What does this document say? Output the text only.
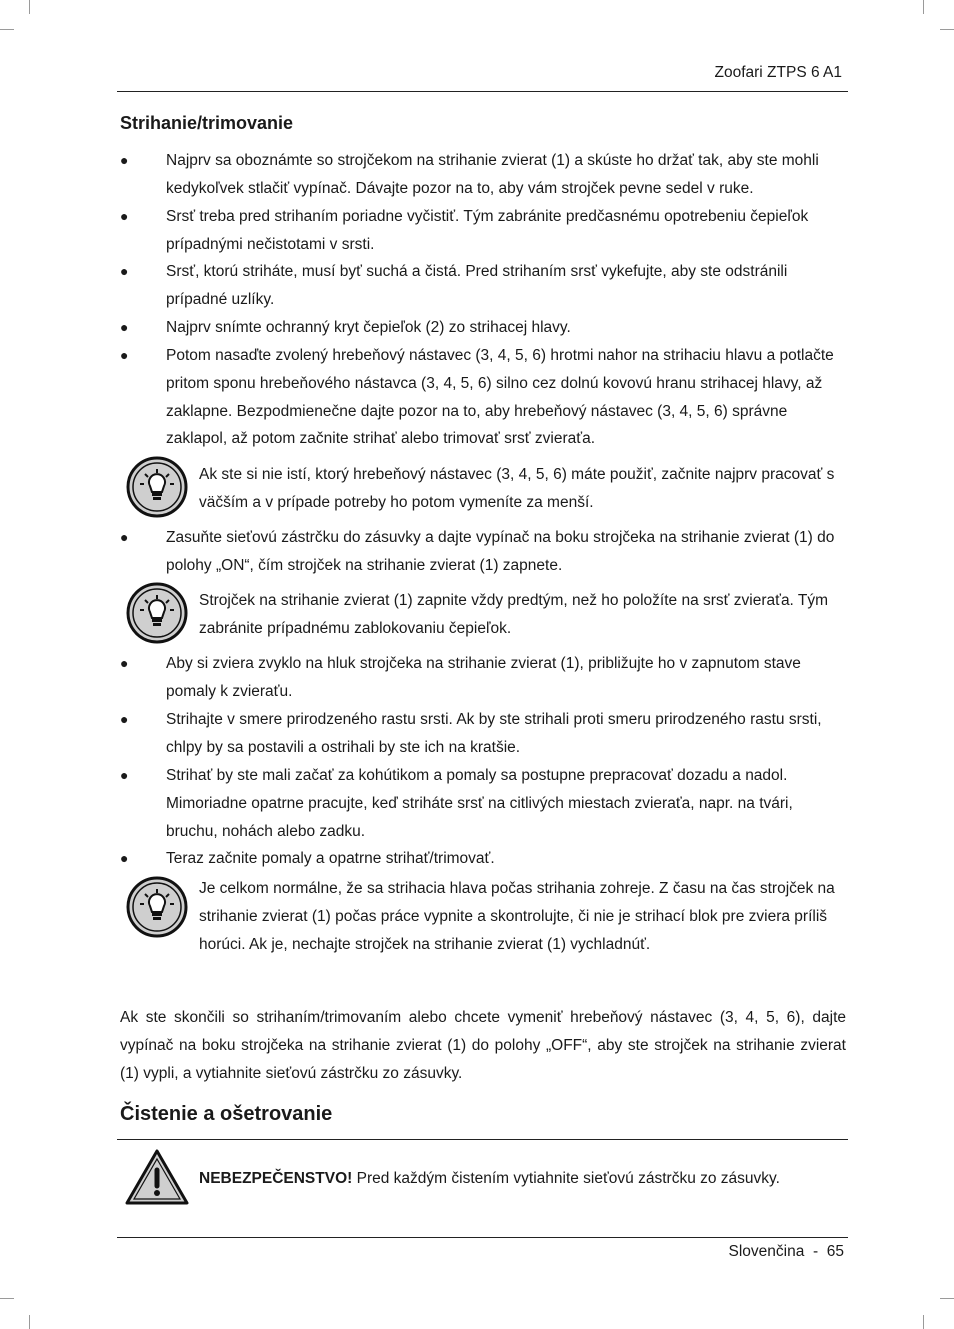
Zoofari ZTPS 6 A1
Strihanie/trimovanie
● Najprv sa oboznámte so strojčekom na strihanie zvierat (1) a skúste ho držať tak, aby ste mohli kedykoľvek stlačiť vypínač. Dávajte pozor na to, aby vám strojček pevne sedel v ruke.
● Srsť treba pred strihaním poriadne vyčistiť. Tým zabránite predčasnému opotrebeniu čepieľok prípadnými nečistotami v srsti.
● Srsť, ktorú striháte, musí byť suchá a čistá. Pred strihaním srsť vykefujte, aby ste odstránili prípadné uzlíky.
● Najprv snímte ochranný kryt čepieľok (2) zo strihacej hlavy.
● Potom nasaďte zvolený hrebeňový nástavec (3, 4, 5, 6) hrotmi nahor na strihaciu hlavu a potlačte pritom sponu hrebeňového nástavca (3, 4, 5, 6) silno cez dolnú kovovú hranu strihacej hlavy, až zaklapne. Bezpodmienečne dajte pozor na to, aby hrebeňový nástavec (3, 4, 5, 6) správne zaklapol, až potom začnite strihať alebo trimovať srsť zvieraťa.
Ak ste si nie istí, ktorý hrebeňový nástavec (3, 4, 5, 6) máte použiť, začnite najprv pracovať s väčším a v prípade potreby ho potom vymeníte za menší.
● Zasuňte sieťovú zástrčku do zásuvky a dajte vypínač na boku strojčeka na strihanie zvierat (1) do polohy „ON“, čím strojček na strihanie zvierat (1) zapnete.
Strojček na strihanie zvierat (1) zapnite vždy predtým, než ho položíte na srsť zvieraťa. Tým zabránite prípadnému zablokovaniu čepieľok.
● Aby si zviera zvyklo na hluk strojčeka na strihanie zvierat (1), približujte ho v zapnutom stave pomaly k zvieraťu.
● Strihajte v smere prirodzeného rastu srsti. Ak by ste strihali proti smeru prirodzeného rastu srsti, chlpy by sa postavili a ostrihali by ste ich na kratšie.
● Strihať by ste mali začať za kohútikom a pomaly sa postupne prepracovať dozadu a nadol. Mimoriadne opatrne pracujte, keď striháte srsť na citlivých miestach zvieraťa, napr. na tvári, bruchu, nohách alebo zadku.
● Teraz začnite pomaly a opatrne strihať/trimovať.
Je celkom normálne, že sa strihacia hlava počas strihania zohreje. Z času na čas strojček na strihanie zvierat (1) počas práce vypnite a skontrolujte, či nie je strihací blok pre zviera príliš horúci. Ak je, nechajte strojček na strihanie zvierat (1) vychladnúť.

Ak ste skončili so strihaním/trimovaním alebo chcete vymeniť hrebeňový nástavec (3, 4, 5, 6), dajte vypínač na boku strojčeka na strihanie zvierat (1) do polohy „OFF“, aby ste strojček na strihanie zvierat (1) vypli, a vytiahnite sieťovú zástrčku zo zásuvky.

Čistenie a ošetrovanie
NEBEZPEČENSTVO! Pred každým čistením vytiahnite sieťovú zástrčku zo zásuvky.
Slovenčina - 65
